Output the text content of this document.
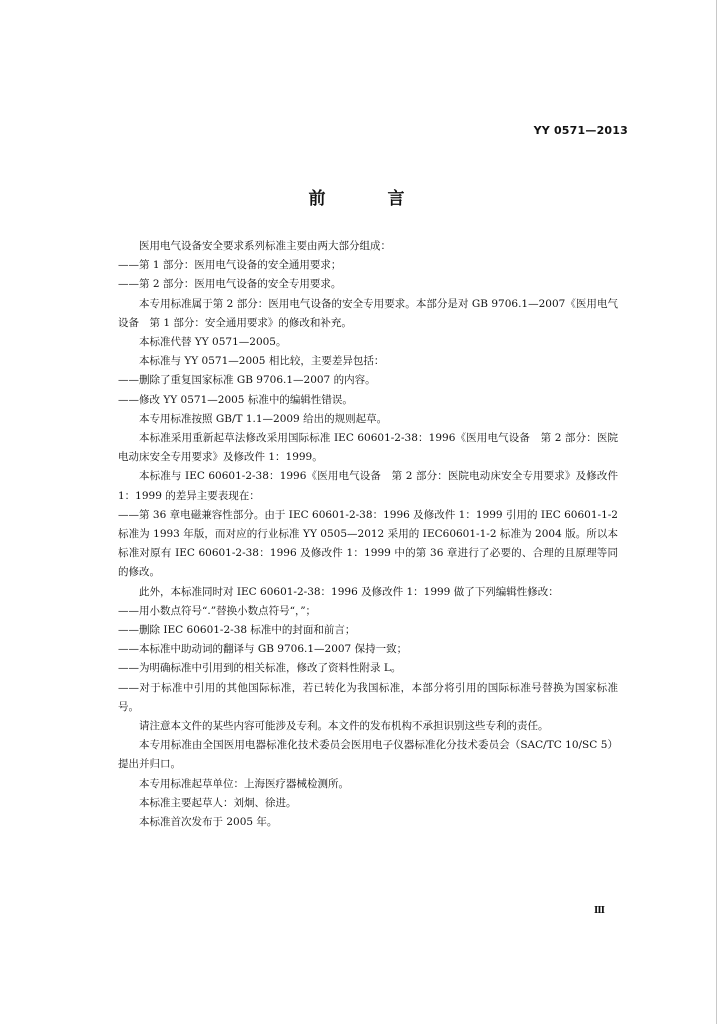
YY 0571—2013
前 言

医用电气设备安全要求系列标准主要由两大部分组成：

——第 1 部分：医用电气设备的安全通用要求；

——第 2 部分：医用电气设备的安全专用要求。

本专用标准属于第 2 部分：医用电气设备的安全专用要求。本部分是对 GB 9706.1—2007《医用电气设备　第 1 部分：安全通用要求》的修改和补充。

本标准代替 YY 0571—2005。

本标准与 YY 0571—2005 相比较，主要差异包括：

——删除了重复国家标准 GB 9706.1—2007 的内容。

——修改 YY 0571—2005 标准中的编辑性错误。

本专用标准按照 GB/T 1.1—2009 给出的规则起草。

本标准采用重新起草法修改采用国际标准 IEC 60601-2-38：1996《医用电气设备　第 2 部分：医院电动床安全专用要求》及修改件 1：1999。

本标准与 IEC 60601-2-38：1996《医用电气设备　第 2 部分：医院电动床安全专用要求》及修改件 1：1999 的差异主要表现在：

——第 36 章电磁兼容性部分。由于 IEC 60601-2-38：1996 及修改件 1：1999 引用的 IEC 60601-1-2 标准为 1993 年版，而对应的行业标准 YY 0505—2012 采用的 IEC60601-1-2 标准为 2004 版。所以本标准对原有 IEC 60601-2-38：1996 及修改件 1：1999 中的第 36 章进行了必要的、合理的且原理等同的修改。

此外，本标准同时对 IEC 60601-2-38：1996 及修改件 1：1999 做了下列编辑性修改：

——用小数点符号“.”替换小数点符号“，”；

——删除 IEC 60601-2-38 标准中的封面和前言；

——本标准中助动词的翻译与 GB 9706.1—2007 保持一致；

——为明确标准中引用到的相关标准，修改了资料性附录 L。

——对于标准中引用的其他国际标准，若已转化为我国标准，本部分将引用的国际标准号替换为国家标准号。

请注意本文件的某些内容可能涉及专利。本文件的发布机构不承担识别这些专利的责任。

本专用标准由全国医用电器标准化技术委员会医用电子仪器标准化分技术委员会（SAC/TC 10/SC 5）提出并归口。

本专用标准起草单位：上海医疗器械检测所。

本标准主要起草人：刘炯、徐进。

本标准首次发布于 2005 年。

Ⅲ
